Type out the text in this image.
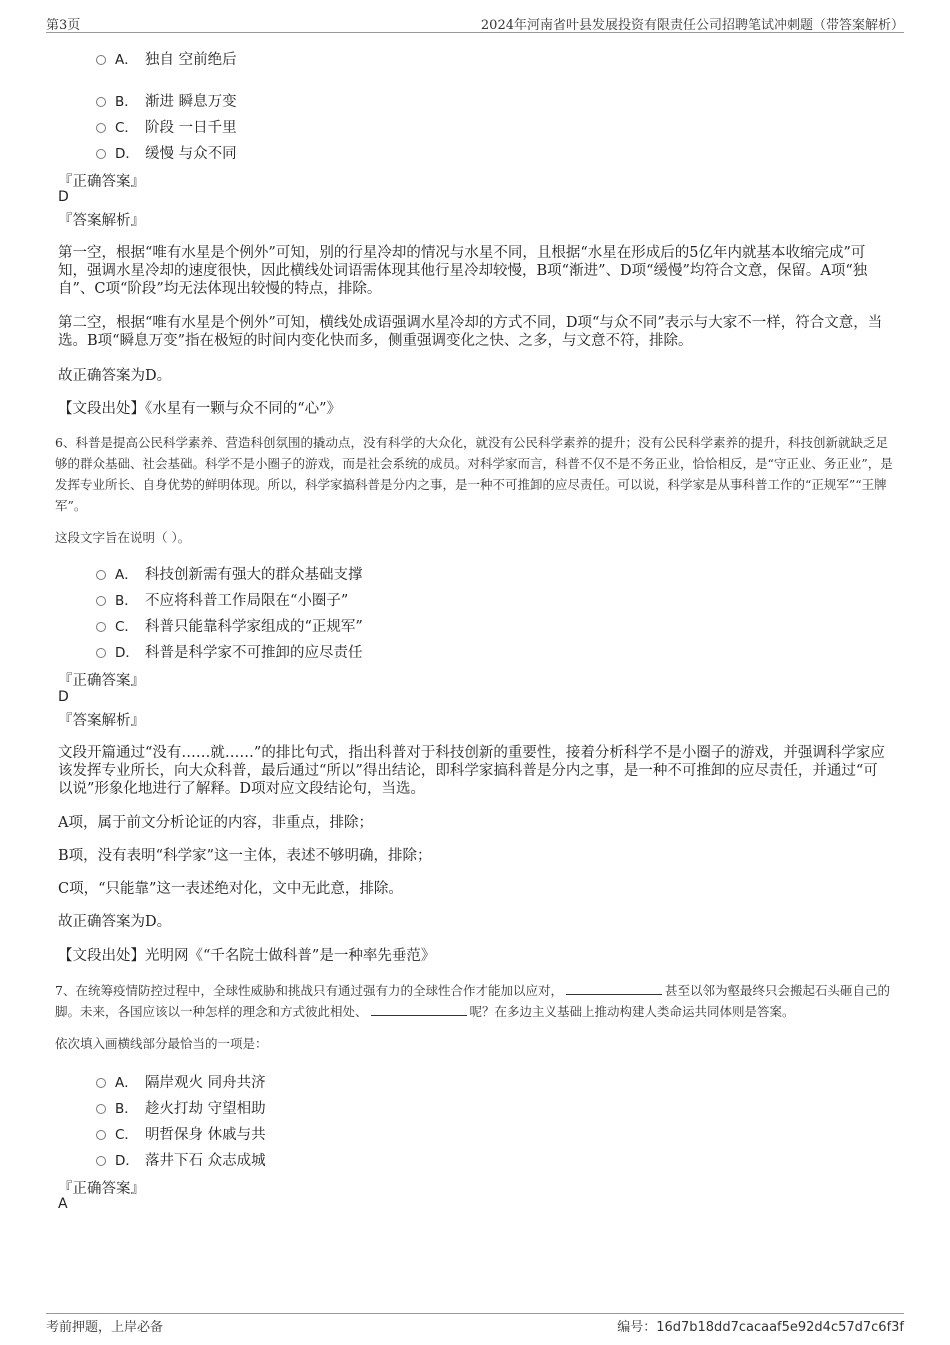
第3页	2024年河南省叶县发展投资有限责任公司招聘笔试冲刺题（带答案解析）
A． 独自 空前绝后
B． 渐进 瞬息万变
C． 阶段 一日千里
D． 缓慢 与众不同
『正确答案』
D
『答案解析』
第一空，根据“唯有水星是个例外”可知，别的行星冷却的情况与水星不同，且根据“水星在形成后的5亿年内就基本收缩完成”可知，强调水星冷却的速度很快，因此横线处词语需体现其他行星冷却较慢，B项“渐进”、D项“缓慢”均符合文意，保留。A项“独自”、C项“阶段”均无法体现出较慢的特点，排除。
第二空，根据“唯有水星是个例外”可知，横线处成语强调水星冷却的方式不同，D项“与众不同”表示与大家不一样，符合文意，当选。B项“瞬息万变”指在极短的时间内变化快而多，侧重强调变化之快、之多，与文意不符，排除。
故正确答案为D。
【文段出处】《水星有一颗与众不同的“心”》
6、科普是提高公民科学素养、营造科创氛围的撬动点，没有科学的大众化，就没有公民科学素养的提升；没有公民科学素养的提升，科技创新就缺乏足够的群众基础、社会基础。科学不是小圈子的游戏，而是社会系统的成员。对科学家而言，科普不仅不是不务正业，恰恰相反，是“守正业、务正业”，是发挥专业所长、自身优势的鲜明体现。所以，科学家搞科普是分内之事，是一种不可推卸的应尽责任。可以说，科学家是从事科普工作的“正规军”“王牌军”。
这段文字旨在说明（ ）。
A． 科技创新需有强大的群众基础支撑
B． 不应将科普工作局限在“小圈子”
C． 科普只能靠科学家组成的“正规军”
D． 科普是科学家不可推卸的应尽责任
『正确答案』
D
『答案解析』
文段开篇通过“没有……就……”的排比句式，指出科普对于科技创新的重要性，接着分析科学不是小圈子的游戏，并强调科学家应该发挥专业所长，向大众科普，最后通过“所以”得出结论，即科学家搞科普是分内之事，是一种不可推卸的应尽责任，并通过“可以说”形象化地进行了解释。D项对应文段结论句，当选。
A项，属于前文分析论证的内容，非重点，排除；
B项，没有表明“科学家”这一主体，表述不够明确，排除；
C项，“只能靠”这一表述绝对化，文中无此意，排除。
故正确答案为D。
【文段出处】光明网《“千名院士做科普”是一种率先垂范》
7、在统筹疫情防控过程中，全球性威胁和挑战只有通过强有力的全球性合作才能加以应对，	甚至以邻为壑最终只会搬起石头砸自己的脚。未来，各国应该以一种怎样的理念和方式彼此相处、	呢？在多边主义基础上推动构建人类命运共同体则是答案。
依次填入画横线部分最恰当的一项是：
A． 隔岸观火 同舟共济
B． 趁火打劫 守望相助
C． 明哲保身 休戚与共
D． 落井下石 众志成城
『正确答案』
A
考前押题，上岸必备	编号：16d7b18dd7cacaaf5e92d4c57d7c6f3f
